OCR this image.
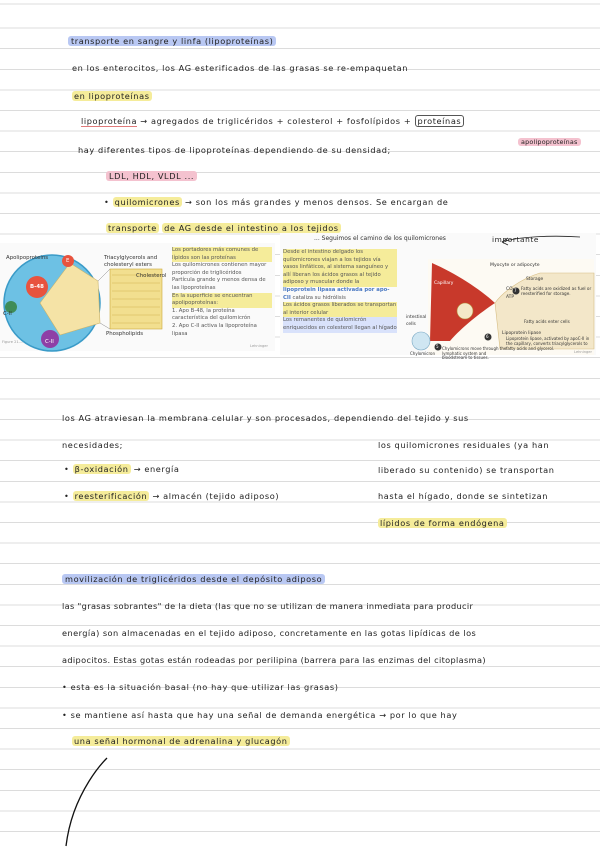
transporte en sangre y linfa (lipoproteínas)
en los enterocitos, los AG esterificados de las grasas se re-empaquetan
en lipoproteínas
lipoproteína → agregados de triglicéridos + colesterol + fosfolípidos + proteínas
apolipoproteínas
hay diferentes tipos de lipoproteínas dependiendo de su densidad;
LDL, HDL, VLDL ...
• quilomicrones → son los más grandes y menos densos. Se encargan de
transporte de AG desde el intestino a los tejidos
Apolipoproteins
B-48
C-II
C-II
E	Triacylglycerols and
cholesteryl esters
Cholesterol
Phospholipids
Figure 21-...
Los portadores más comunes de lípidos son las proteínas
Los quilomicrones contienen mayor proporción de triglicéridos
Partícula grande y menos densa de las lipoproteínas
En la superficie se encuentran apolipoproteínas:
1. Apo B-48, la proteína característica del quilomicrón
2. Apo C-II activa la lipoproteína lipasa
Lehninger
... Seguimos el camino de los quilomicrones
Desde el intestino delgado los quilomicrones viajan a los tejidos vía vasos linfáticos, al sistema sanguíneo y allí liberan los ácidos grasos al tejido adiposo y muscular donde la
lipoprotein lipasa activada por apo-CII cataliza su hidrólisis
Los ácidos grasos liberados se transportan al interior celular
Los remanentes de quilomicrón enriquecidos en colesterol llegan al hígado
Myocyte or adipocyte
Storage
CO₂
ATP
Fatty acids enter cells
Capillary
Lipoprotein lipase
7 Fatty acids are oxidized as fuel or reesterified for storage.
6	Lipoprotein lipase, activated by apoC-II in the capillary, converts triacylglycerols to fatty acids and glycerol.
5 Chylomicrons move through the lymphatic system and bloodstream to tissues.
Chylomicron
intestinal
cells
Lehninger
importante
los AG atraviesan la membrana celular y son procesados, dependiendo del tejido y sus
necesidades;
• β-oxidación → energía
• reesterificación → almacén (tejido adiposo)
los quilomicrones residuales (ya han
liberado su contenido) se transportan
hasta el hígado, donde se sintetizan
lípidos de forma endógena
movilización de triglicéridos desde el depósito adiposo
las "grasas sobrantes" de la dieta (las que no se utilizan de manera inmediata para producir
energía) son almacenadas en el tejido adiposo, concretamente en las gotas lipídicas de los
adipocitos. Estas gotas están rodeadas por perilipina (barrera para las enzimas del citoplasma)
• esta es la situación basal (no hay que utilizar las grasas)
• se mantiene así hasta que hay una señal de demanda energética → por lo que hay
una señal hormonal de adrenalina y glucagón
